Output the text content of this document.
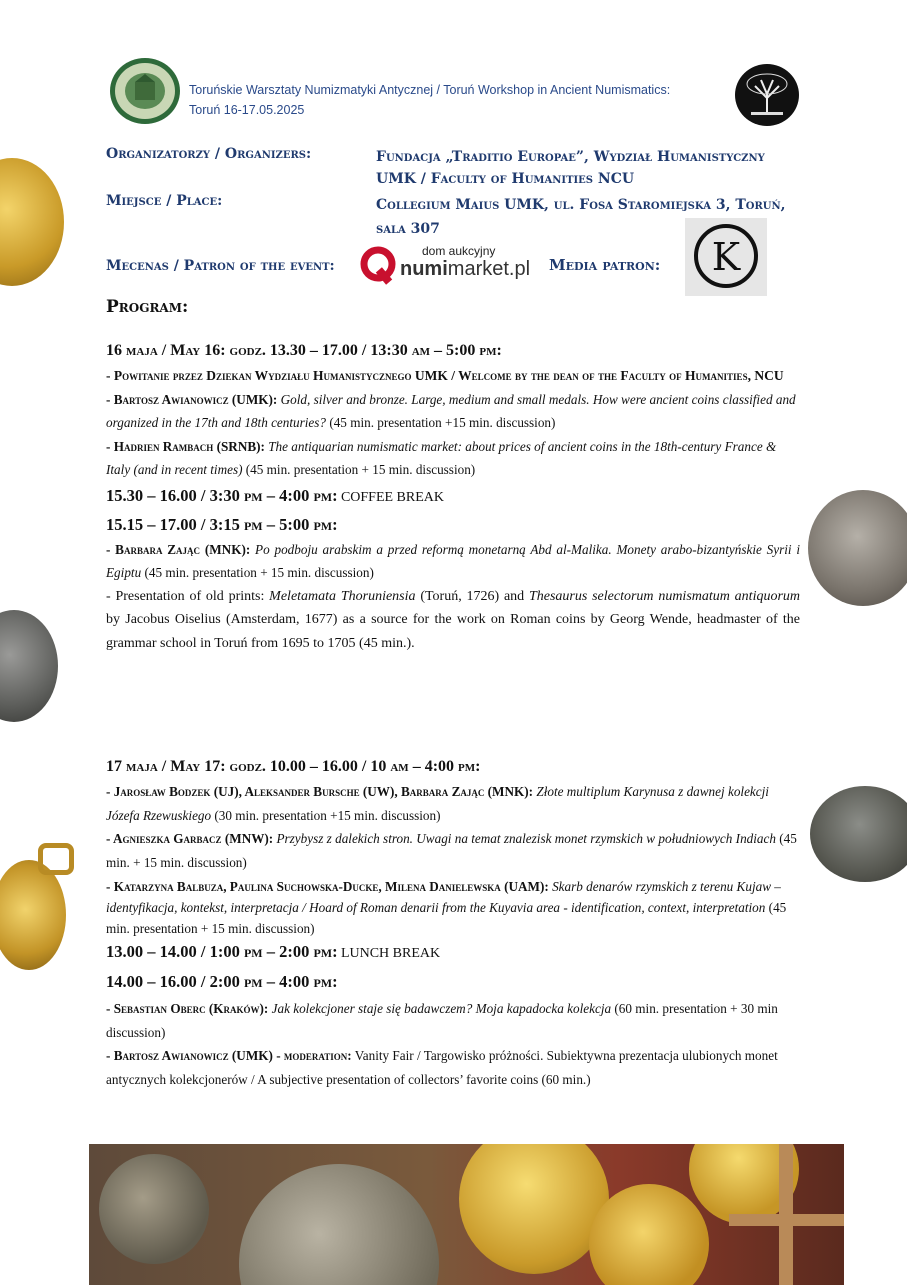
Toruńskie Warsztaty Numizmatyki Antycznej / Toruń Workshop in Ancient Numismatics:
Toruń 16-17.05.2025
Organizatorzy / Organizers:	Fundacja „Traditio Europae”, Wydział Humanistyczny
UMK / Faculty of Humanities NCU
Miejsce / Place:	Collegium Maius UMK, ul. Fosa Staromiejska 3, Toruń,
sala 307
Mecenas / Patron of the event:
dom aukcyjny
numimarket.pl Media patron: K
Program:

16 maja / May 16: godz. 13.30 – 17.00 / 13:30 am – 5:00 pm:

- Powitanie przez Dziekan Wydziału Humanistycznego UMK / Welcome by the dean of the Faculty of Humanities, NCU

- Bartosz Awianowicz (UMK): Gold, silver and bronze. Large, medium and small medals. How were ancient coins classified and organized in the 17th and 18th centuries? (45 min. presentation +15 min. discussion)

- Hadrien Rambach (SRNB): The antiquarian numismatic market: about prices of ancient coins in the 18th-century France & Italy (and in recent times) (45 min. presentation + 15 min. discussion)

15.30 – 16.00 / 3:30 pm – 4:00 pm: COFFEE BREAK

15.15 – 17.00 / 3:15 pm – 5:00 pm:

- Barbara Zając (MNK): Po podboju arabskim a przed reformą monetarną Abd al-Malika. Monety arabo-bizantyńskie Syrii i Egiptu (45 min. presentation + 15 min. discussion)

- Presentation of old prints: Meletamata Thoruniensia (Toruń, 1726) and Thesaurus selectorum numismatum antiquorum by Jacobus Oiselius (Amsterdam, 1677) as a source for the work on Roman coins by Georg Wende, headmaster of the grammar school in Toruń from 1695 to 1705 (45 min.).

17 maja / May 17: godz. 10.00 – 16.00 / 10 am – 4:00 pm:

- Jarosław Bodzek (UJ), Aleksander Bursche (UW), Barbara Zając (MNK): Złote multiplum Karynusa z dawnej kolekcji Józefa Rzewuskiego (30 min. presentation +15 min. discussion)

- Agnieszka Garbacz (MNW): Przybysz z dalekich stron. Uwagi na temat znalezisk monet rzymskich w południowych Indiach (45 min. + 15 min. discussion)

- Katarzyna Balbuza, Paulina Suchowska-Ducke, Milena Danielewska (UAM): Skarb denarów rzymskich z terenu Kujaw – identyfikacja, kontekst, interpretacja / Hoard of Roman denarii from the Kuyavia area - identification, context, interpretation (45 min. presentation + 15 min. discussion)

13.00 – 14.00 / 1:00 pm – 2:00 pm: LUNCH BREAK

14.00 – 16.00 / 2:00 pm – 4:00 pm:

- Sebastian Oberc (Kraków): Jak kolekcjoner staje się badawczem? Moja kapadocka kolekcja (60 min. presentation + 30 min discussion)

- Bartosz Awianowicz (UMK) - moderation: Vanity Fair / Targowisko próżności. Subiektywna prezentacja ulubionych monet antycznych kolekcjonerów / A subjective presentation of collectors’ favorite coins (60 min.)
